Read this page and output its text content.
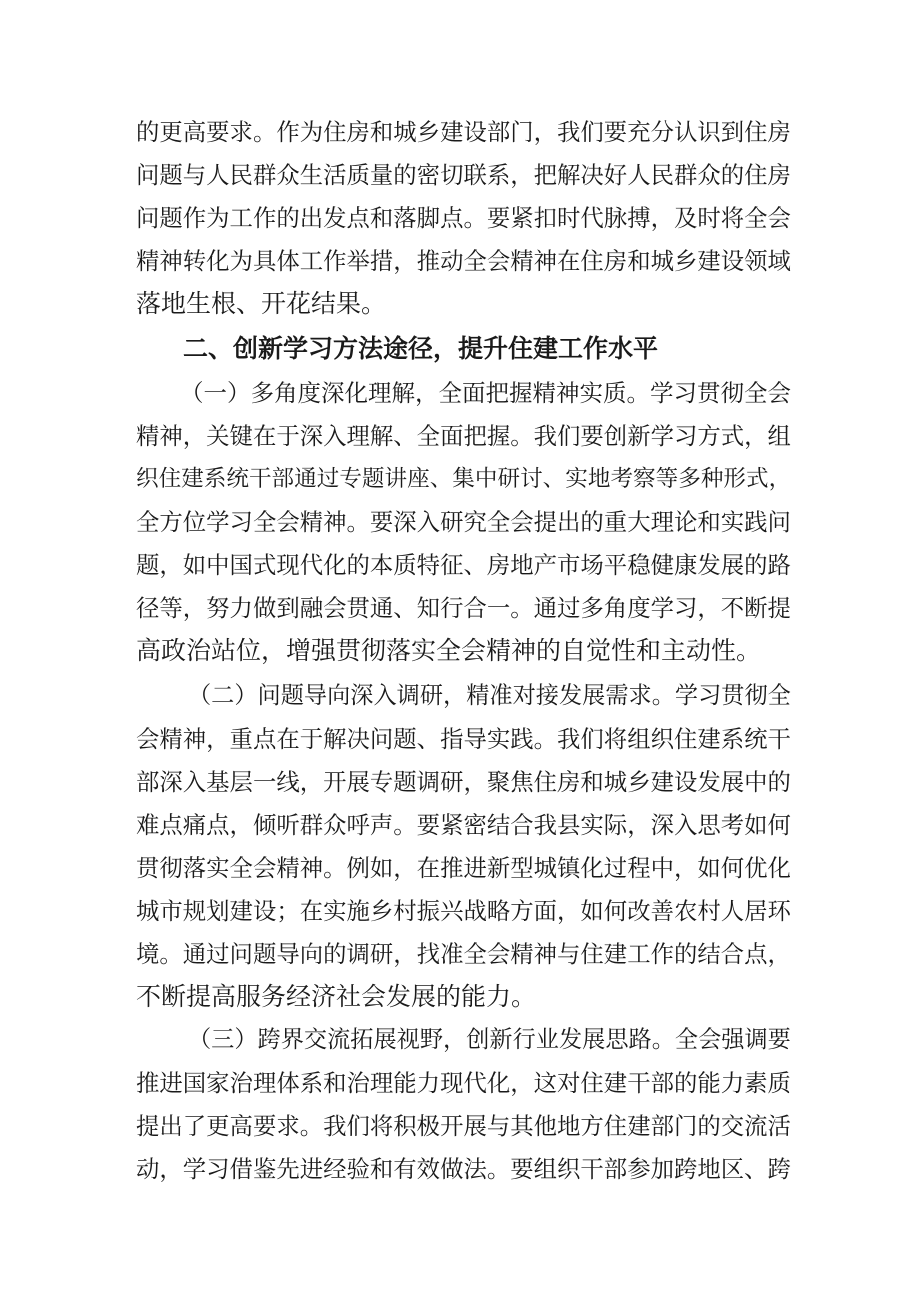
的更高要求。作为住房和城乡建设部门，我们要充分认识到住房
问题与人民群众生活质量的密切联系，把解决好人民群众的住房
问题作为工作的出发点和落脚点。要紧扣时代脉搏，及时将全会
精神转化为具体工作举措，推动全会精神在住房和城乡建设领域
落地生根、开花结果。
二、创新学习方法途径，提升住建工作水平
（一）多角度深化理解，全面把握精神实质。学习贯彻全会
精神，关键在于深入理解、全面把握。我们要创新学习方式，组
织住建系统干部通过专题讲座、集中研讨、实地考察等多种形式，
全方位学习全会精神。要深入研究全会提出的重大理论和实践问
题，如中国式现代化的本质特征、房地产市场平稳健康发展的路
径等，努力做到融会贯通、知行合一。通过多角度学习，不断提
高政治站位，增强贯彻落实全会精神的自觉性和主动性。
（二）问题导向深入调研，精准对接发展需求。学习贯彻全
会精神，重点在于解决问题、指导实践。我们将组织住建系统干
部深入基层一线，开展专题调研，聚焦住房和城乡建设发展中的
难点痛点，倾听群众呼声。要紧密结合我县实际，深入思考如何
贯彻落实全会精神。例如，在推进新型城镇化过程中，如何优化
城市规划建设；在实施乡村振兴战略方面，如何改善农村人居环
境。通过问题导向的调研，找准全会精神与住建工作的结合点，
不断提高服务经济社会发展的能力。
（三）跨界交流拓展视野，创新行业发展思路。全会强调要
推进国家治理体系和治理能力现代化，这对住建干部的能力素质
提出了更高要求。我们将积极开展与其他地方住建部门的交流活
动，学习借鉴先进经验和有效做法。要组织干部参加跨地区、跨
